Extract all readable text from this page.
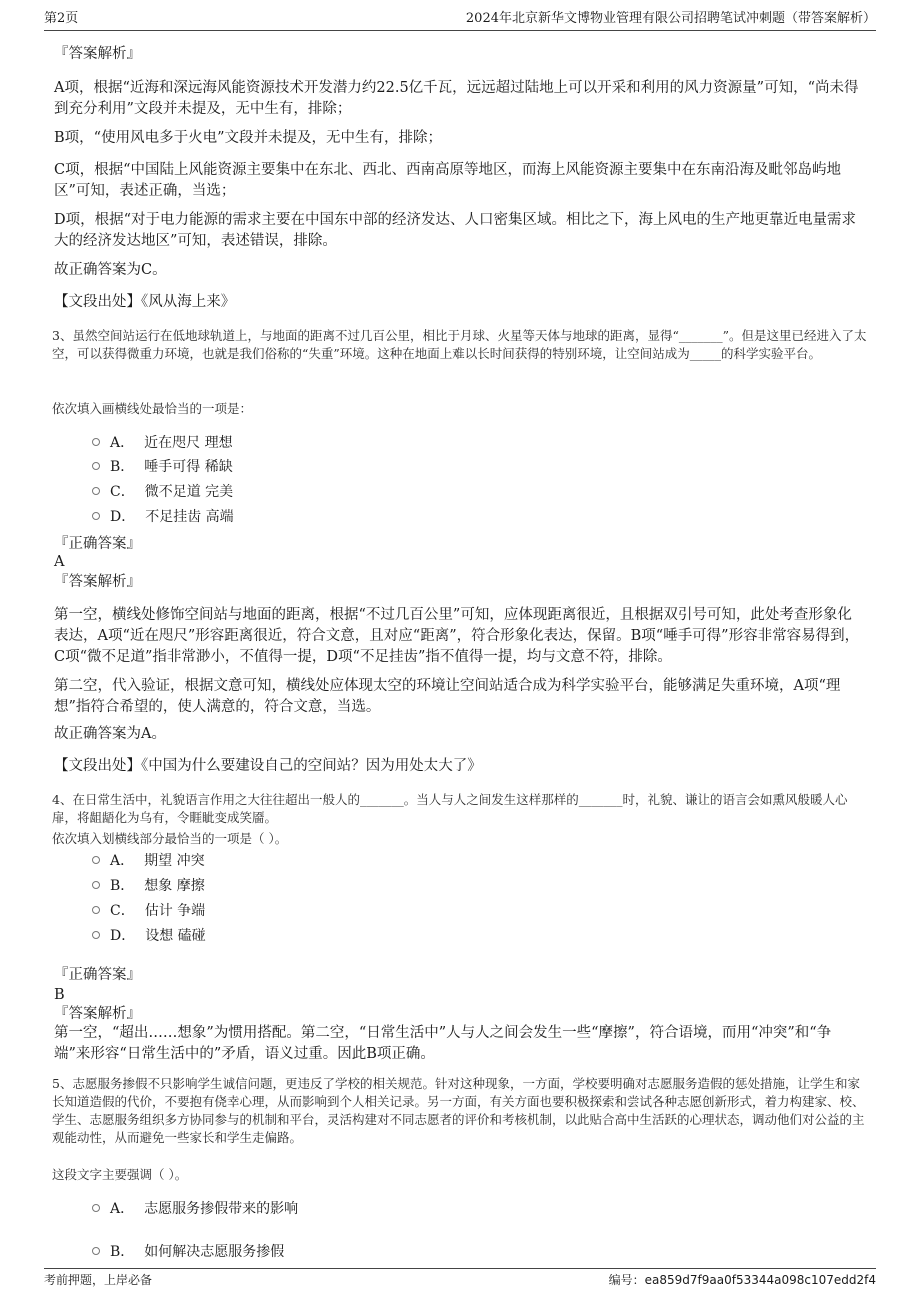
第2页	2024年北京新华文博物业管理有限公司招聘笔试冲刺题（带答案解析）

『答案解析』

A项，根据“近海和深远海风能资源技术开发潜力约22.5亿千瓦，远远超过陆地上可以开采和利用的风力资源量”可知，“尚未得到充分利用”文段并未提及，无中生有，排除；

B项，“使用风电多于火电”文段并未提及，无中生有，排除；

C项，根据“中国陆上风能资源主要集中在东北、西北、西南高原等地区，而海上风能资源主要集中在东南沿海及毗邻岛屿地区”可知，表述正确，当选；

D项，根据“对于电力能源的需求主要在中国东中部的经济发达、人口密集区域。相比之下，海上风电的生产地更靠近电量需求大的经济发达地区”可知，表述错误，排除。

故正确答案为C。

【文段出处】《风从海上来》

3、虽然空间站运行在低地球轨道上，与地面的距离不过几百公里，相比于月球、火星等天体与地球的距离，显得“_______”。但是这里已经进入了太空，可以获得微重力环境，也就是我们俗称的“失重”环境。这种在地面上难以长时间获得的特别环境，让空间站成为_____的科学实验平台。

依次填入画横线处最恰当的一项是：

A． 近在咫尺 理想
B． 唾手可得 稀缺
C． 微不足道 完美
D． 不足挂齿 高端

『正确答案』

A

『答案解析』

第一空，横线处修饰空间站与地面的距离，根据“不过几百公里”可知，应体现距离很近，且根据双引号可知，此处考查形象化表达，A项“近在咫尺”形容距离很近，符合文意，且对应“距离”，符合形象化表达，保留。B项“唾手可得”形容非常容易得到，C项“微不足道”指非常渺小，不值得一提，D项“不足挂齿”指不值得一提，均与文意不符，排除。

第二空，代入验证，根据文意可知，横线处应体现太空的环境让空间站适合成为科学实验平台，能够满足失重环境，A项“理想”指符合希望的，使人满意的，符合文意，当选。

故正确答案为A。

【文段出处】《中国为什么要建设自己的空间站？因为用处太大了》

4、在日常生活中，礼貌语言作用之大往往超出一般人的_______。当人与人之间发生这样那样的_______时，礼貌、谦让的语言会如熏风般暖人心扉，将龃龉化为乌有，令睚眦变成笑靥。

依次填入划横线部分最恰当的一项是（ ）。

A． 期望 冲突
B． 想象 摩擦
C． 估计 争端
D． 设想 磕碰

『正确答案』

B

『答案解析』

第一空，“超出……想象”为惯用搭配。第二空，“日常生活中”人与人之间会发生一些“摩擦”，符合语境，而用“冲突”和“争端”来形容“日常生活中的”矛盾，语义过重。因此B项正确。

5、志愿服务掺假不只影响学生诚信问题，更违反了学校的相关规范。针对这种现象，一方面，学校要明确对志愿服务造假的惩处措施，让学生和家长知道造假的代价，不要抱有侥幸心理，从而影响到个人相关记录。另一方面，有关方面也要积极探索和尝试各种志愿创新形式，着力构建家、校、学生、志愿服务组织多方协同参与的机制和平台，灵活构建对不同志愿者的评价和考核机制，以此贴合高中生活跃的心理状态，调动他们对公益的主观能动性，从而避免一些家长和学生走偏路。

这段文字主要强调（ ）。

A． 志愿服务掺假带来的影响
B． 如何解决志愿服务掺假
考前押题，上岸必备	编号：ea859d7f9aa0f53344a098c107edd2f4
